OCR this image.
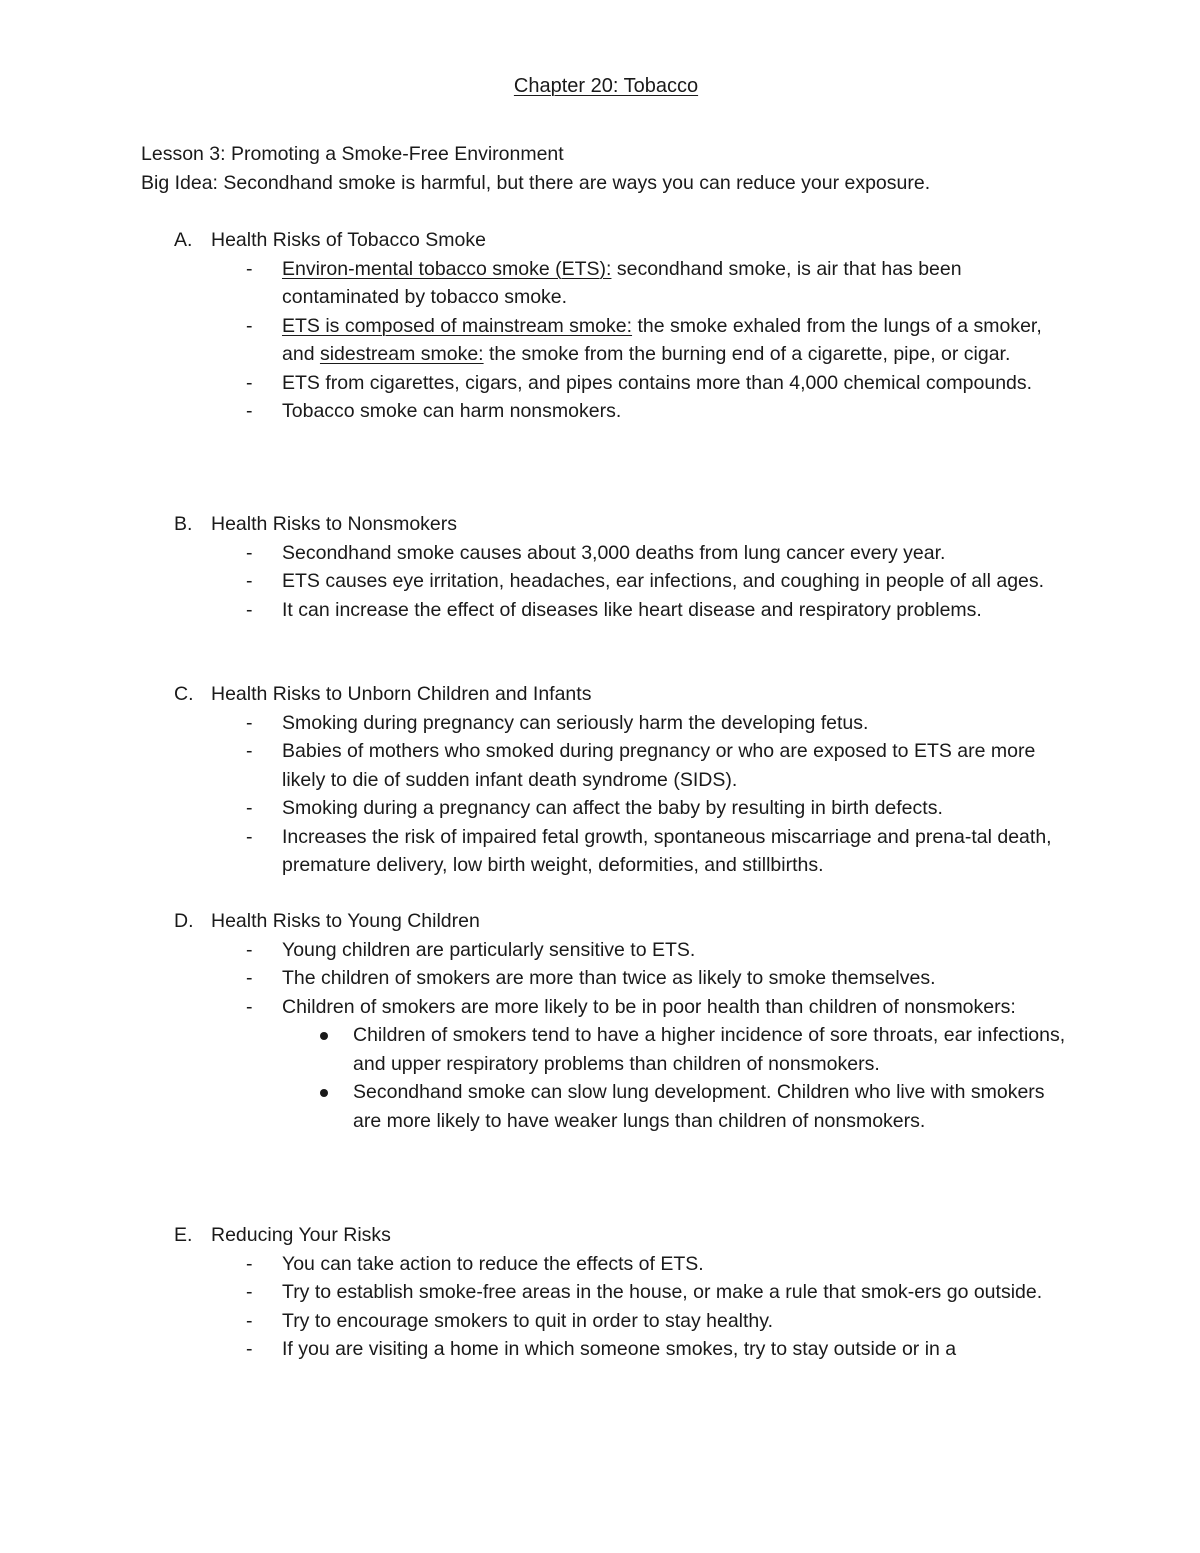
Chapter 20: Tobacco
Lesson 3: Promoting a Smoke-Free Environment
Big Idea: Secondhand smoke is harmful, but there are ways you can reduce your exposure.
A. Health Risks of Tobacco Smoke
- Environ-mental tobacco smoke (ETS): secondhand smoke, is air that has been contaminated by tobacco smoke.
- ETS is composed of mainstream smoke: the smoke exhaled from the lungs of a smoker, and sidestream smoke: the smoke from the burning end of a cigarette, pipe, or cigar.
- ETS from cigarettes, cigars, and pipes contains more than 4,000 chemical compounds.
- Tobacco smoke can harm nonsmokers.
B. Health Risks to Nonsmokers
- Secondhand smoke causes about 3,000 deaths from lung cancer every year.
- ETS causes eye irritation, headaches, ear infections, and coughing in people of all ages.
- It can increase the effect of diseases like heart disease and respiratory problems.
C. Health Risks to Unborn Children and Infants
- Smoking during pregnancy can seriously harm the developing fetus.
- Babies of mothers who smoked during pregnancy or who are exposed to ETS are more likely to die of sudden infant death syndrome (SIDS).
- Smoking during a pregnancy can affect the baby by resulting in birth defects.
- Increases the risk of impaired fetal growth, spontaneous miscarriage and prena-tal death, premature delivery, low birth weight, deformities, and stillbirths.
D. Health Risks to Young Children
- Young children are particularly sensitive to ETS.
- The children of smokers are more than twice as likely to smoke themselves.
- Children of smokers are more likely to be in poor health than children of nonsmokers:
Children of smokers tend to have a higher incidence of sore throats, ear infections, and upper respiratory problems than children of nonsmokers.
Secondhand smoke can slow lung development. Children who live with smokers are more likely to have weaker lungs than children of nonsmokers.
E. Reducing Your Risks
- You can take action to reduce the effects of ETS.
- Try to establish smoke-free areas in the house, or make a rule that smok-ers go outside.
- Try to encourage smokers to quit in order to stay healthy.
- If you are visiting a home in which someone smokes, try to stay outside or in a
